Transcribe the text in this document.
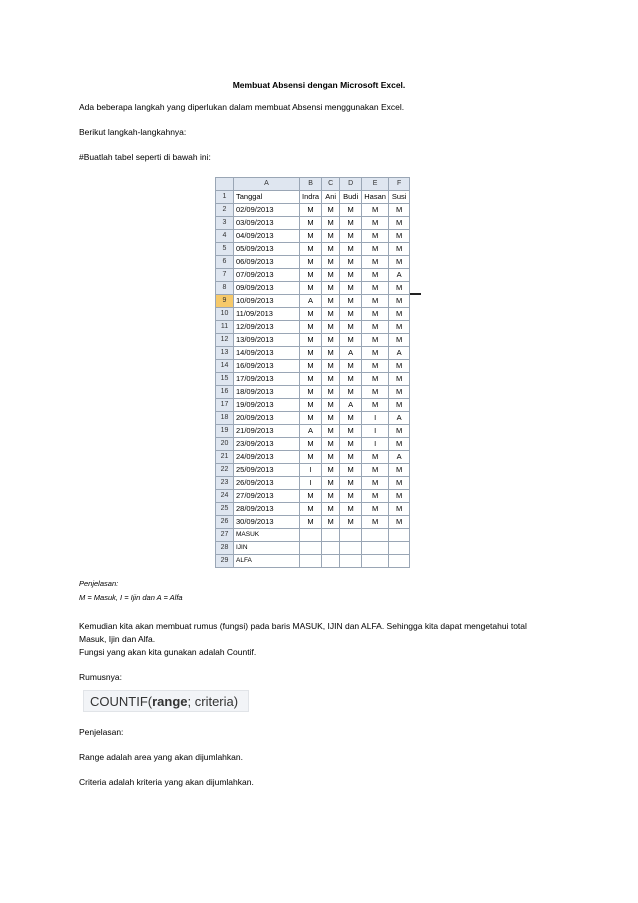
Membuat Absensi dengan Microsoft Excel.
Ada beberapa langkah yang diperlukan dalam membuat Absensi menggunakan Excel.
Berikut langkah-langkahnya:
#Buatlah tabel seperti di bawah ini:
	A	B	C	D	E	F
1	Tanggal	Indra	Ani	Budi	Hasan	Susi
2	02/09/2013	M	M	M	M	M
3	03/09/2013	M	M	M	M	M
4	04/09/2013	M	M	M	M	M
5	05/09/2013	M	M	M	M	M
6	06/09/2013	M	M	M	M	M
7	07/09/2013	M	M	M	M	A
8	09/09/2013	M	M	M	M	M
9	10/09/2013	A	M	M	M	M
10	11/09/2013	M	M	M	M	M
11	12/09/2013	M	M	M	M	M
12	13/09/2013	M	M	M	M	M
13	14/09/2013	M	M	A	M	A
14	16/09/2013	M	M	M	M	M
15	17/09/2013	M	M	M	M	M
16	18/09/2013	M	M	M	M	M
17	19/09/2013	M	M	A	M	M
18	20/09/2013	M	M	M	I	A
19	21/09/2013	A	M	M	I	M
20	23/09/2013	M	M	M	I	M
21	24/09/2013	M	M	M	M	A
22	25/09/2013	I	M	M	M	M
23	26/09/2013	I	M	M	M	M
24	27/09/2013	M	M	M	M	M
25	28/09/2013	M	M	M	M	M
26	30/09/2013	M	M	M	M	M
27	MASUK					
28	IJIN					
29	ALFA					
Penjelasan:
M = Masuk, I = Ijin dan A = Alfa
Kemudian kita akan membuat rumus (fungsi) pada baris MASUK, IJIN dan ALFA. Sehingga kita dapat mengetahui total
Masuk, Ijin dan Alfa.
Fungsi yang akan kita gunakan adalah Countif.
Rumusnya:
COUNTIF(range; criteria)
Penjelasan:
Range adalah area yang akan dijumlahkan.
Criteria adalah kriteria yang akan dijumlahkan.
